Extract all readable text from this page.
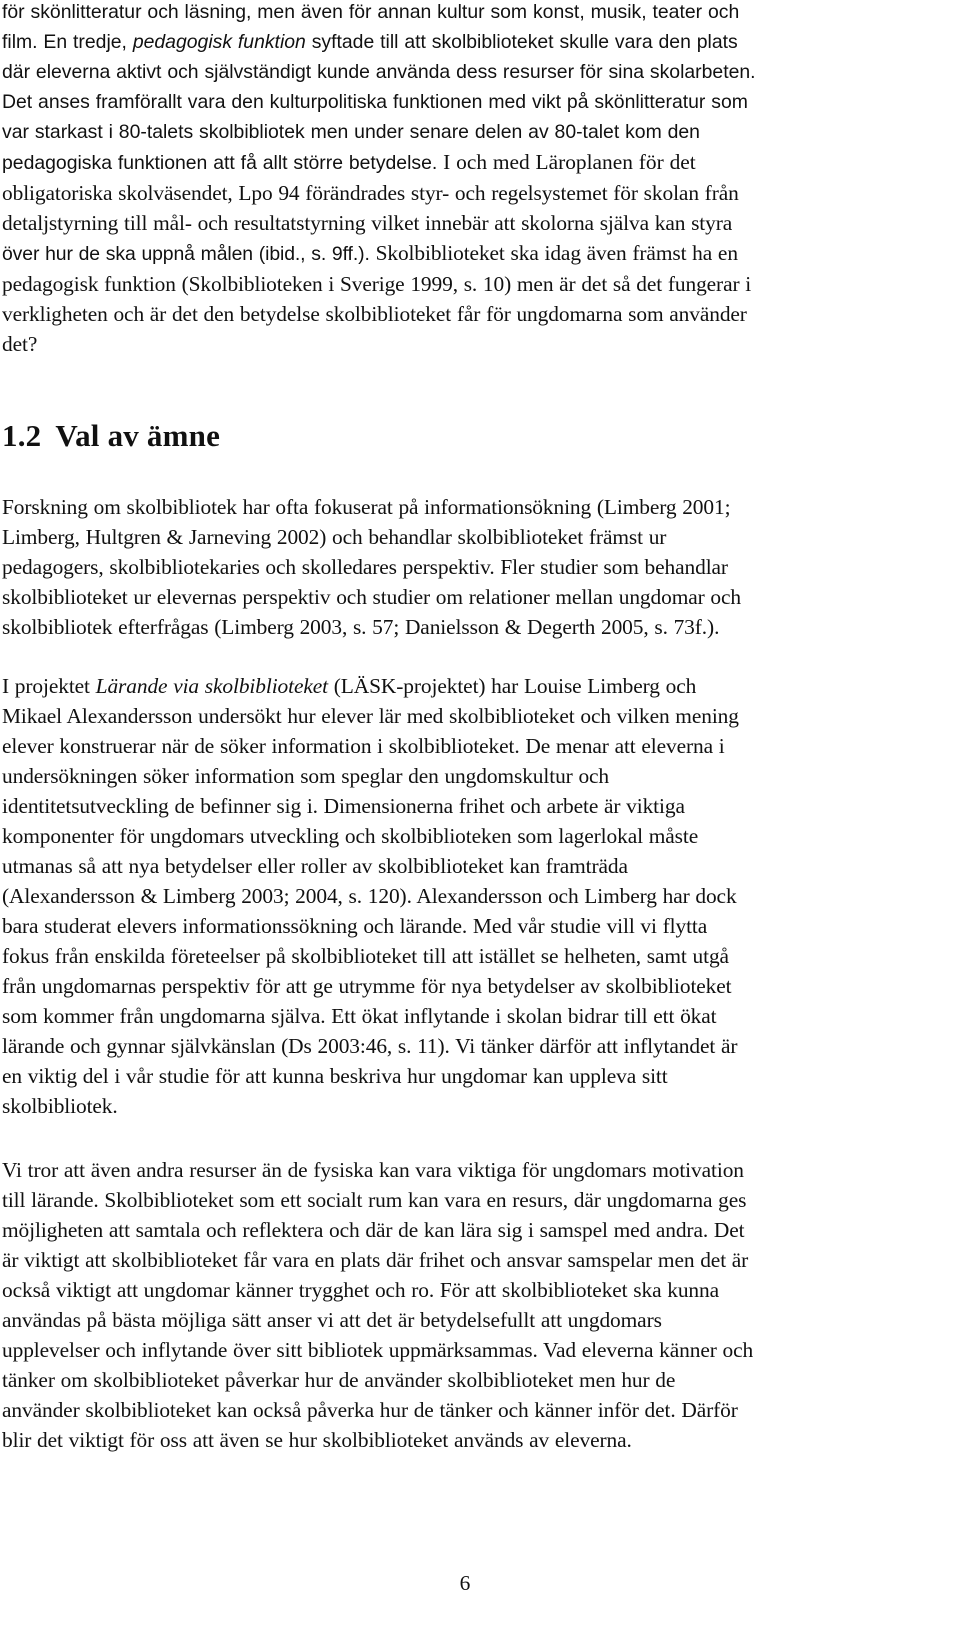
för skönlitteratur och läsning, men även för annan kultur som konst, musik, teater och
film. En tredje, pedagogisk funktion syftade till att skolbiblioteket skulle vara den plats
där eleverna aktivt och självständigt kunde använda dess resurser för sina skolarbeten.
Det anses framförallt vara den kulturpolitiska funktionen med vikt på skönlitteratur som
var starkast i 80-talets skolbibliotek men under senare delen av 80-talet kom den
pedagogiska funktionen att få allt större betydelse. I och med Läroplanen för det

obligatoriska skolväsendet, Lpo 94 förändrades styr- och regelsystemet för skolan från
detaljstyrning till mål- och resultatstyrning vilket innebär att skolorna själva kan styra
över hur de ska uppnå målen (ibid., s. 9ff.). Skolbiblioteket ska idag även främst ha en
pedagogisk funktion (Skolbiblioteken i Sverige 1999, s. 10) men är det så det fungerar i
verkligheten och är det den betydelse skolbiblioteket får för ungdomarna som använder
det?

1.2 Val av ämne

Forskning om skolbibliotek har ofta fokuserat på informationsökning (Limberg 2001;
Limberg, Hultgren & Jarneving 2002) och behandlar skolbiblioteket främst ur
pedagogers, skolbibliotekaries och skolledares perspektiv. Fler studier som behandlar
skolbiblioteket ur elevernas perspektiv och studier om relationer mellan ungdomar och
skolbibliotek efterfrågas (Limberg 2003, s. 57; Danielsson & Degerth 2005, s. 73f.).

I projektet Lärande via skolbiblioteket (LÄSK-projektet) har Louise Limberg och
Mikael Alexandersson undersökt hur elever lär med skolbiblioteket och vilken mening
elever konstruerar när de söker information i skolbiblioteket. De menar att eleverna i
undersökningen söker information som speglar den ungdomskultur och
identitetsutveckling de befinner sig i. Dimensionerna frihet och arbete är viktiga
komponenter för ungdomars utveckling och skolbiblioteken som lagerlokal måste
utmanas så att nya betydelser eller roller av skolbiblioteket kan framträda
(Alexandersson & Limberg 2003; 2004, s. 120). Alexandersson och Limberg har dock
bara studerat elevers informationssökning och lärande. Med vår studie vill vi flytta
fokus från enskilda företeelser på skolbiblioteket till att istället se helheten, samt utgå
från ungdomarnas perspektiv för att ge utrymme för nya betydelser av skolbiblioteket
som kommer från ungdomarna själva. Ett ökat inflytande i skolan bidrar till ett ökat
lärande och gynnar självkänslan (Ds 2003:46, s. 11). Vi tänker därför att inflytandet är
en viktig del i vår studie för att kunna beskriva hur ungdomar kan uppleva sitt
skolbibliotek.

Vi tror att även andra resurser än de fysiska kan vara viktiga för ungdomars motivation
till lärande. Skolbiblioteket som ett socialt rum kan vara en resurs, där ungdomarna ges
möjligheten att samtala och reflektera och där de kan lära sig i samspel med andra. Det
är viktigt att skolbiblioteket får vara en plats där frihet och ansvar samspelar men det är
också viktigt att ungdomar känner trygghet och ro. För att skolbiblioteket ska kunna
användas på bästa möjliga sätt anser vi att det är betydelsefullt att ungdomars
upplevelser och inflytande över sitt bibliotek uppmärksammas. Vad eleverna känner och
tänker om skolbiblioteket påverkar hur de använder skolbiblioteket men hur de
använder skolbiblioteket kan också påverka hur de tänker och känner inför det. Därför
blir det viktigt för oss att även se hur skolbiblioteket används av eleverna.

6
